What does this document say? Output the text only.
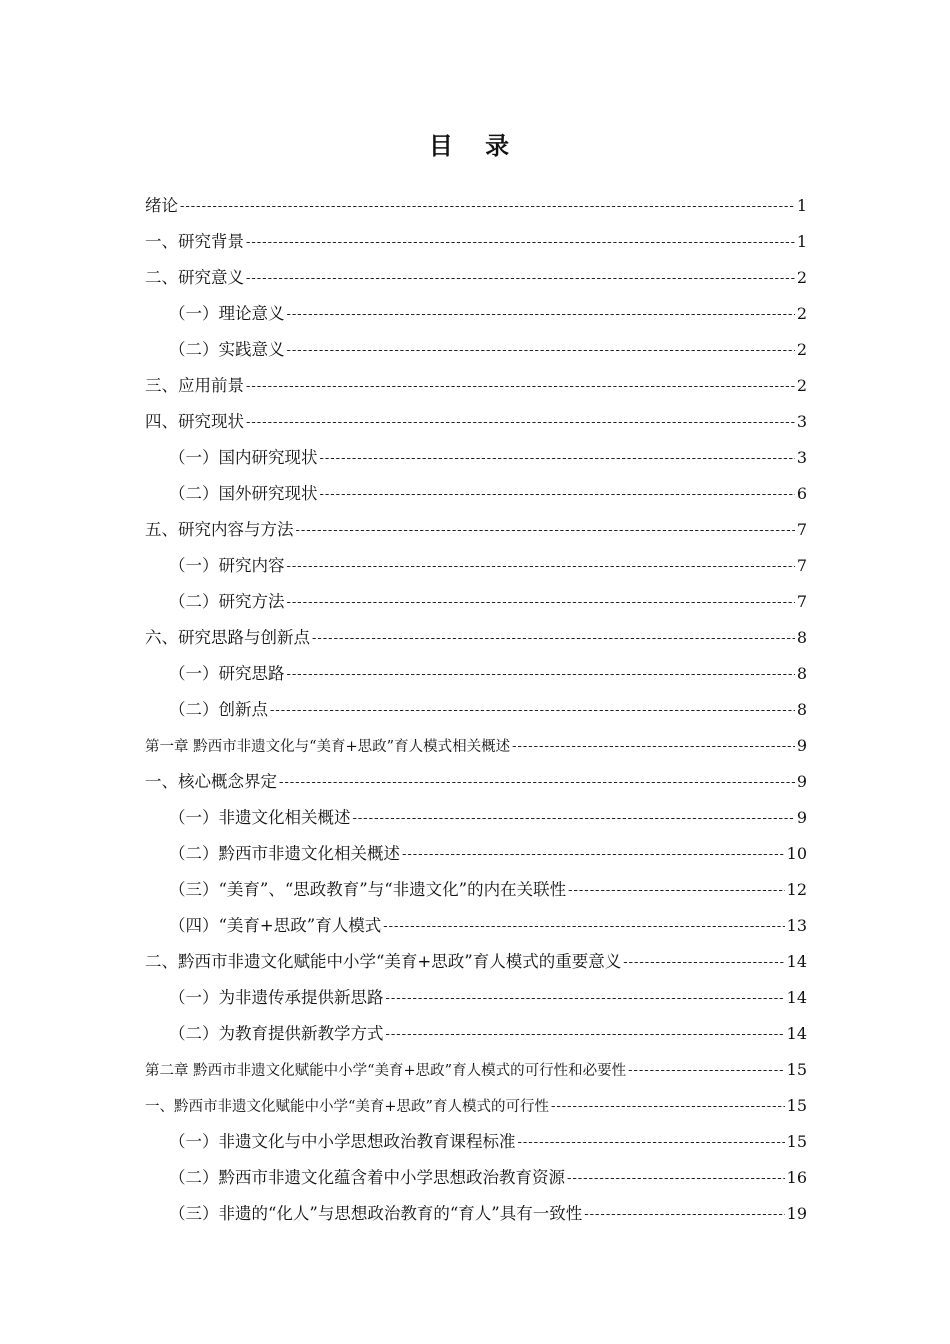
目 录
绪论 -----	1
一、研究背景 -----	1
二、研究意义 -----	2
（一）理论意义 -----	2
（二）实践意义 -----	2
三、应用前景 -----	2
四、研究现状 -----	3
（一）国内研究现状 -----	3
（二）国外研究现状 -----	6
五、研究内容与方法 -----	7
（一）研究内容 -----	7
（二）研究方法 -----	7
六、研究思路与创新点 -----	8
（一）研究思路 -----	8
（二）创新点 -----	8
第一章 黔西市非遗文化与“美育+思政”育人模式相关概述 -----	9
一、核心概念界定 -----	9
（一）非遗文化相关概述 -----	9
（二）黔西市非遗文化相关概述 -----	10
（三）“美育”、“思政教育”与“非遗文化”的内在关联性 -----	12
（四）“美育+思政”育人模式 -----	13
二、黔西市非遗文化赋能中小学“美育+思政”育人模式的重要意义 -----	14
（一）为非遗传承提供新思路 -----	14
（二）为教育提供新教学方式 -----	14
第二章 黔西市非遗文化赋能中小学“美育+思政”育人模式的可行性和必要性 -----	15
一、黔西市非遗文化赋能中小学“美育+思政”育人模式的可行性 -----	15
（一）非遗文化与中小学思想政治教育课程标准 -----	15
（二）黔西市非遗文化蕴含着中小学思想政治教育资源 -----	16
（三）非遗的“化人”与思想政治教育的“育人”具有一致性 -----	19
